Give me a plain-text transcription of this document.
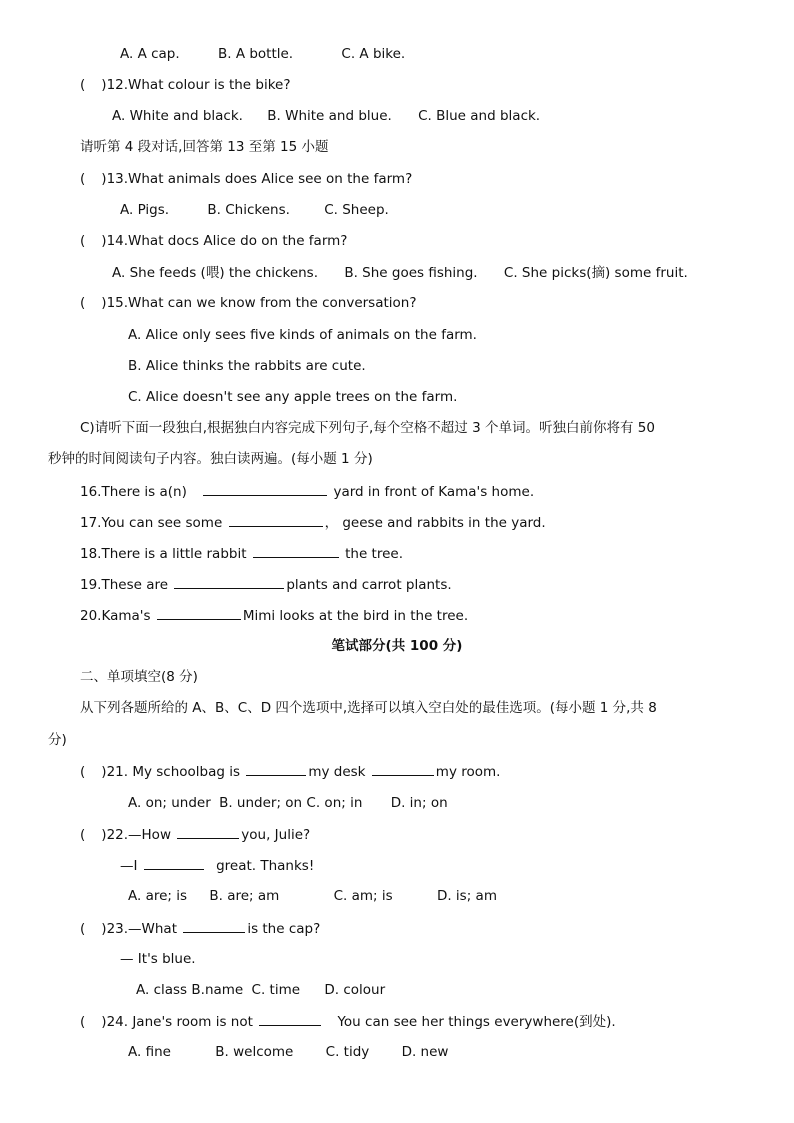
A. A cap.	B. A bottle.	C. A bike.
( )12.What colour is the bike?
A. White and black. B. White and blue. C. Blue and black.
请听第 4 段对话,回答第 13 至第 15 小题
( )13.What animals does Alice see on the farm?
A. Pigs.	B. Chickens.	C. Sheep.
( )14.What docs Alice do on the farm?
A. She feeds (喂) the chickens. B. She goes fishing. C. She picks(摘) some fruit.
( )15.What can we know from the conversation?
A. Alice only sees five kinds of animals on the farm.
B. Alice thinks the rabbits are cute.
C. Alice doesn't see any apple trees on the farm.
C)请听下面一段独白,根据独白内容完成下列句子,每个空格不超过 3 个单词。听独白前你将有 50
秒钟的时间阅读句子内容。独白读两遍。(每小题 1 分)
16.There is a(n)	yard in front of Kama's home.
17.You can see some	， geese and rabbits in the yard.
18.There is a little rabbit	the tree.
19.These are	plants and carrot plants.
20.Kama's	Mimi looks at the bird in the tree.
笔试部分(共 100 分)
二、单项填空(8 分)
从下列各题所给的 A、B、C、D 四个选项中,选择可以填入空白处的最佳选项。(每小题 1 分,共 8
分)
( )21. My schoolbag is	my desk	my room.
A. on; under B. under; on C. on; in D. in; on
( )22.—How	you, Julie?
—I	great. Thanks!
A. are; is B. are; am	C. am; is	D. is; am
( )23.—What	is the cap?
— It's blue.
A. class B.name C. time D. colour
( )24. Jane's room is not	You can see her things everywhere(到处).
A. fine	B. welcome C. tidy D. new
